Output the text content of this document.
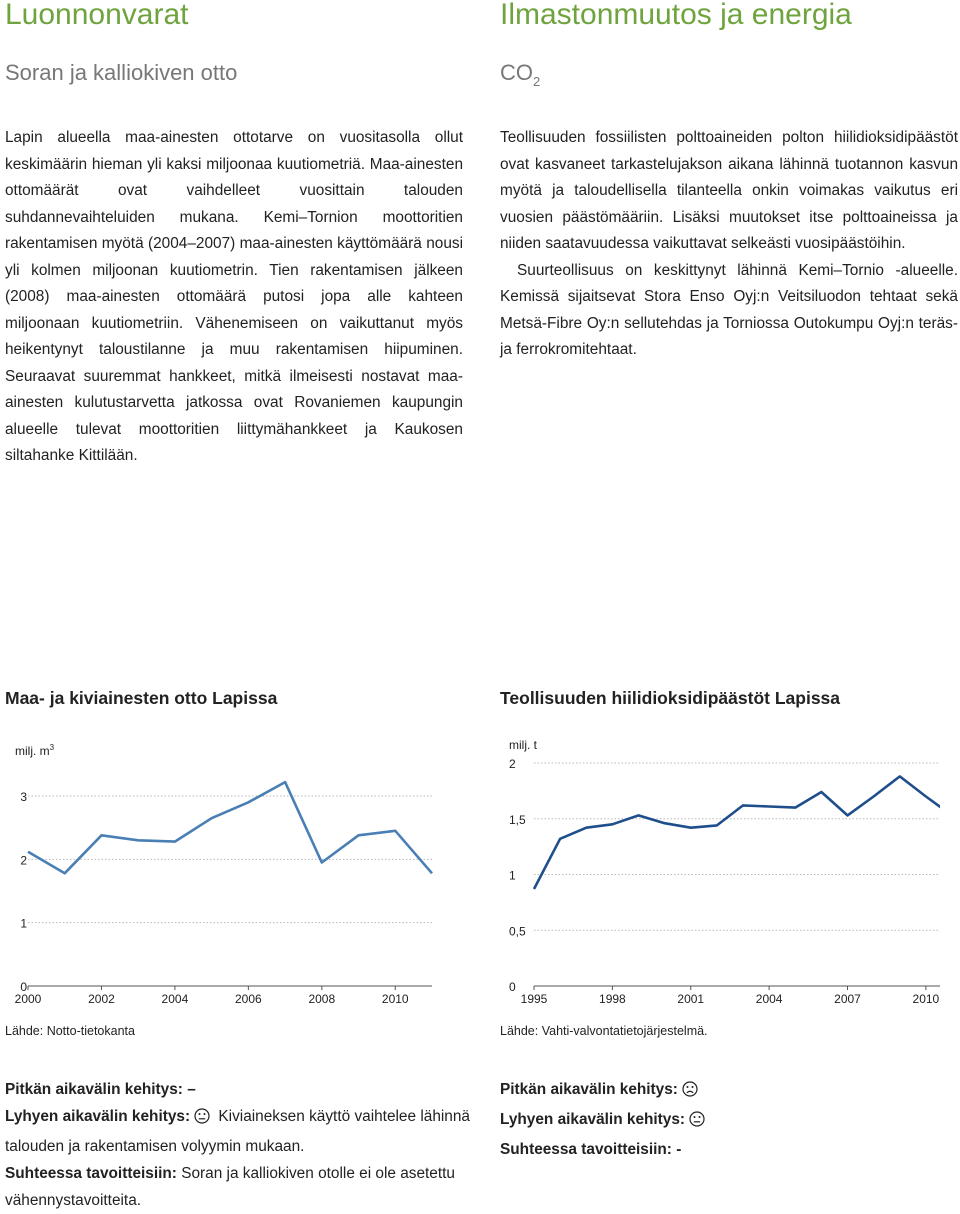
Luonnonvarat
Soran ja kalliokiven otto

Lapin alueella maa-ainesten ottotarve on vuositasolla ollut keskimäärin hieman yli kaksi miljoonaa kuutiometriä. Maa-ainesten ottomäärät ovat vaihdelleet vuosittain talouden suhdannevaihteluiden mukana. Kemi–Tornion moottoritien rakentamisen myötä (2004–2007) maa-ainesten käyttömäärä nousi yli kolmen miljoonan kuutiometrin. Tien rakentamisen jälkeen (2008) maa-ainesten ottomäärä putosi jopa alle kahteen miljoonaan kuutiometriin. Vähenemiseen on vaikuttanut myös heikentynyt taloustilanne ja muu rakentamisen hiipuminen. Seuraavat suuremmat hankkeet, mitkä ilmeisesti nostavat maa-ainesten kulutustarvetta jatkossa ovat Rovaniemen kaupungin alueelle tulevat moottoritien liittymähankkeet ja Kaukosen siltahanke Kittilään.

Maa- ja kiviainesten otto Lapissa
milj. $m^3$
0
1
2
3
2000	2002	2004	2006	2008	2010

Lähde: Notto-tietokanta

Pitkän aikavälin kehitys: –

Lyhyen aikavälin kehitys: Kiviaineksen käyttö vaihtelee lähinnä talouden ja rakentamisen volyymin mukaan.

Suhteessa tavoitteisiin: Soran ja kalliokiven otolle ei ole asetettu vähennystavoitteita.

Ilmastonmuutos ja energia
$CO_2$

Teollisuuden fossiilisten polttoaineiden polton hiilidioksidipäästöt ovat kasvaneet tarkastelujakson aikana lähinnä tuotannon kasvun myötä ja taloudellisella tilanteella onkin voimakas vaikutus eri vuosien päästömääriin. Lisäksi muutokset itse polttoaineissa ja niiden saatavuudessa vaikuttavat selkeästi vuosipäästöihin.

Suurteollisuus on keskittynyt lähinnä Kemi–Tornio -alueelle. Kemissä sijaitsevat Stora Enso Oyj:n Veitsiluodon tehtaat sekä Metsä-Fibre Oy:n sellutehdas ja Torniossa Outokumpu Oyj:n teräs- ja ferrokromitehtaat.

Teollisuuden hiilidioksidipäästöt Lapissa
milj. t
0
0,5
1
1,5
2
1995	1998	2001	2004	2007	2010

Lähde: Vahti-valvontatietojärjestelmä.

Pitkän aikavälin kehitys:

Lyhyen aikavälin kehitys:

Suhteessa tavoitteisiin: -
